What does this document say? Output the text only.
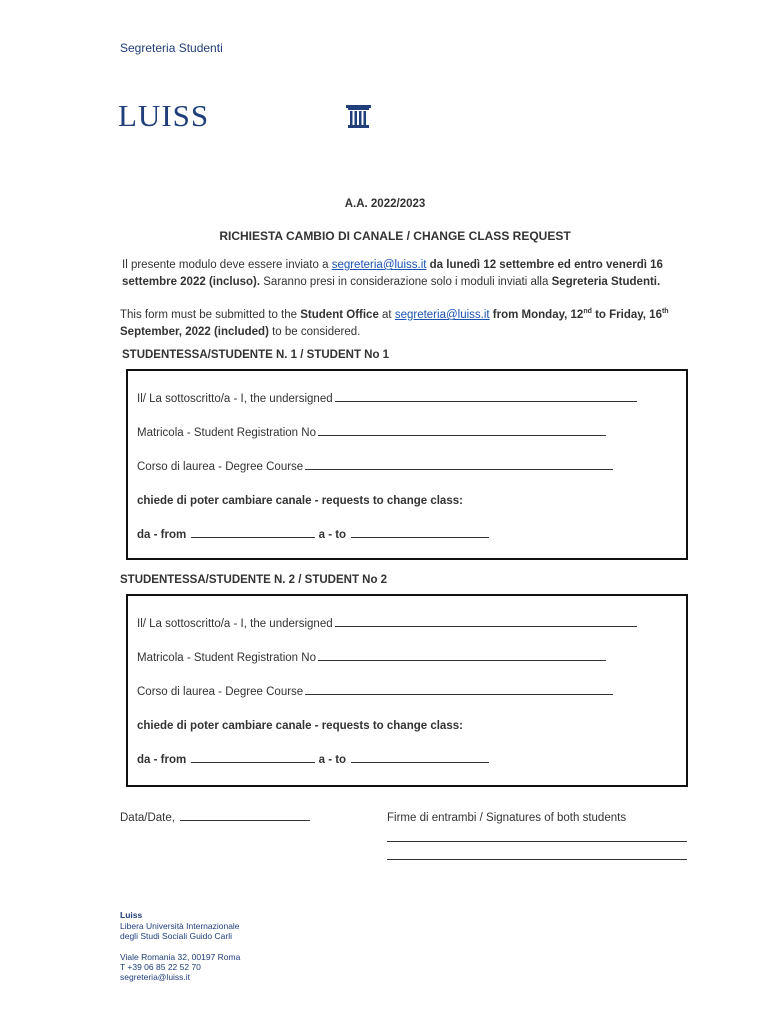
Segreteria Studenti
LUISS
A.A. 2022/2023
RICHIESTA CAMBIO DI CANALE / CHANGE CLASS REQUEST
Il presente modulo deve essere inviato a segreteria@luiss.it da lunedì 12 settembre ed entro venerdì 16 settembre 2022 (incluso). Saranno presi in considerazione solo i moduli inviati alla Segreteria Studenti.
This form must be submitted to the Student Office at segreteria@luiss.it from Monday, 12nd to Friday, 16th September, 2022 (included) to be considered.
STUDENTESSA/STUDENTE N. 1 / STUDENT No 1
Il/ La sottoscritto/a - I, the undersigned
Matricola - Student Registration No
Corso di laurea - Degree Course
chiede di poter cambiare canale - requests to change class:
da - from	a - to
STUDENTESSA/STUDENTE N. 2 / STUDENT No 2
Il/ La sottoscritto/a - I, the undersigned
Matricola - Student Registration No
Corso di laurea - Degree Course
chiede di poter cambiare canale - requests to change class:
da - from	a - to
Data/Date,	Firme di entrambi / Signatures of both students
Luiss
Libera Università Internazionale
degli Studi Sociali Guido Carli
Viale Romania 32, 00197 Roma
T +39 06 85 22 52 70
segreteria@luiss.it
